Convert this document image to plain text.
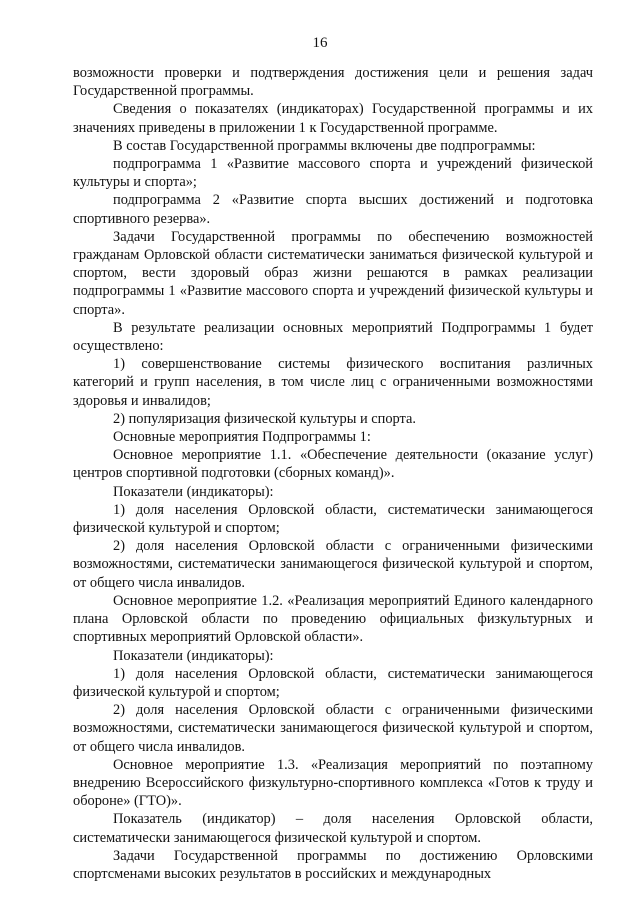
16

возможности проверки и подтверждения достижения цели и решения задач Государственной программы.

Сведения о показателях (индикаторах) Государственной программы и их значениях приведены в приложении 1 к Государственной программе.

В состав Государственной программы включены две подпрограммы:

подпрограмма 1 «Развитие массового спорта и учреждений физической культуры и спорта»;

подпрограмма 2 «Развитие спорта высших достижений и подготовка спортивного резерва».

Задачи Государственной программы по обеспечению возможностей гражданам Орловской области систематически заниматься физической культурой и спортом, вести здоровый образ жизни решаются в рамках реализации подпрограммы 1 «Развитие массового спорта и учреждений физической культуры и спорта».

В результате реализации основных мероприятий Подпрограммы 1 будет осуществлено:

1) совершенствование системы физического воспитания различных категорий и групп населения, в том числе лиц с ограниченными возможностями здоровья и инвалидов;

2) популяризация физической культуры и спорта.

Основные мероприятия Подпрограммы 1:

Основное мероприятие 1.1. «Обеспечение деятельности (оказание услуг) центров спортивной подготовки (сборных команд)».

Показатели (индикаторы):

1) доля населения Орловской области, систематически занимающегося физической культурой и спортом;

2) доля населения Орловской области с ограниченными физическими возможностями, систематически занимающегося физической культурой и спортом, от общего числа инвалидов.

Основное мероприятие 1.2. «Реализация мероприятий Единого календарного плана Орловской области по проведению официальных физкультурных и спортивных мероприятий Орловской области».

Показатели (индикаторы):

1) доля населения Орловской области, систематически занимающегося физической культурой и спортом;

2) доля населения Орловской области с ограниченными физическими возможностями, систематически занимающегося физической культурой и спортом, от общего числа инвалидов.

Основное мероприятие 1.3. «Реализация мероприятий по поэтапному внедрению Всероссийского физкультурно-спортивного комплекса «Готов к труду и обороне» (ГТО)».

Показатель (индикатор) – доля населения Орловской области, систематически занимающегося физической культурой и спортом.

Задачи Государственной программы по достижению Орловскими спортсменами высоких результатов в российских и международных
